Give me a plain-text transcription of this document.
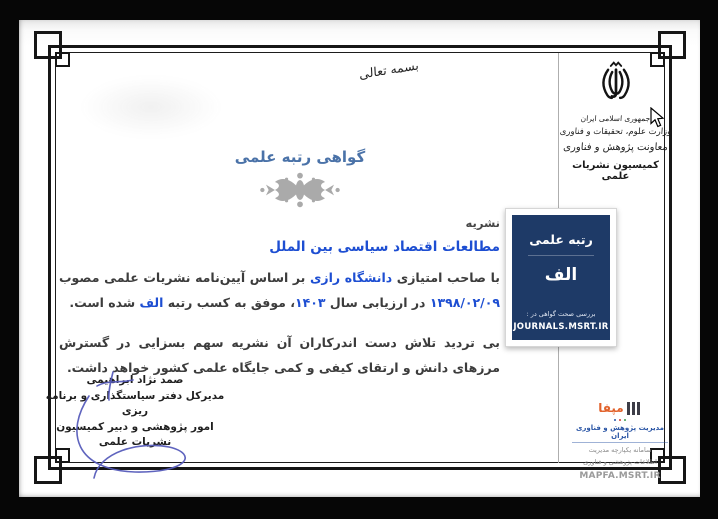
بسمه تعالی

جمهوری اسلامی ایران

وزارت علوم، تحقیقات و فناوری

معاونت پژوهش و فناوری

کمیسیون نشریات علمی

گواهی رتبه علمی

نشریه

مطالعات اقتصاد سیاسی بین الملل

با صاحب امتیازی دانشگاه رازی بر اساس آیین‌نامه نشریات علمی مصوب ۱۳۹۸/۰۲/۰۹ در ارزیابی سال ۱۴۰۳، موفق به کسب رتبه الف شده است.

بی تردید تلاش دست اندرکاران آن نشریه سهم بسزایی در گسترش مرزهای دانش و ارتقای کیفی و کمی جایگاه علمی کشور خواهد داشت.

رتبه علمی
الف
بررسی صحت گواهی در :
JOURNALS.MSRT.IR
صمد نژاد ابراهیمی
مدیرکل دفتر سیاستگذاری و برنامه ریزی
امور پژوهشی و دبیر کمیسیون
نشریات علمی
مپفا
مدیریت پژوهش و فناوری ایران
سامانه یکپارچه مدیریت
اطلاعات پژوهشی و فناوری
MAPFA.MSRT.IR
